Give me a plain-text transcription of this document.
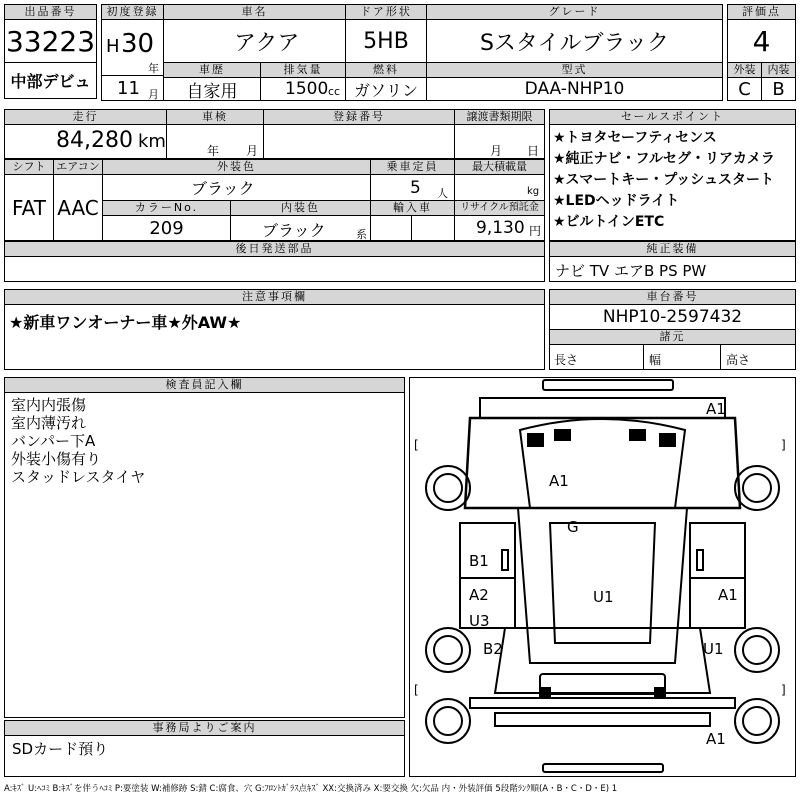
出品番号
33223
中部デビュ
初度登録
H 30
年
11 月
車名
アクア
車歴
自家用
排気量
1500 cc
ドア形状
5HB
燃料
ガソリン
グレード
Sスタイルブラック
型式
DAA-NHP10
評価点
4
外装	内装
C	B
走行
84,280 km
車検
年 月
登録番号	譲渡書類期限
月 日
シフト
FAT
エアコン
AAC
外装色
ブラック
カラーNo.
209
内装色
ブラック	系
乗車定員
5 人
輸入車
最大積載量
kg
リサイクル預託金
9,130 円
後日発送部品
セールスポイント
★トヨタセーフティセンス
★純正ナビ・フルセグ・リアカメラ
★スマートキー・プッシュスタート
★LEDヘッドライト
★ビルトインETC
純正装備
ナビ TV エアB PS PW
注意事項欄
★新車ワンオーナー車★外AW★
車台番号
NHP10-2597432
諸元
長さ	幅	高さ
検査員記入欄
室内内張傷
室内薄汚れ
バンパー下A
外装小傷有り
スタッドレスタイヤ
事務局よりご案内
SDカード預り
A1
A1
G
B1
A2
U3
U1	A1
B2	U1
A1
[	]
[	]
A:ｷｽﾞ U:ﾍｺﾐ B:ｷｽﾞを伴うﾍｺﾐ P:要塗装 W:補修跡 S:錆 C:腐食、穴 G:ﾌﾛﾝﾄｶﾞﾗｽ点ｷｽﾞ XX:交換済み X:要交換 欠:欠品 内・外装評価 5段階ﾗﾝｸ順(A・B・C・D・E) 1
